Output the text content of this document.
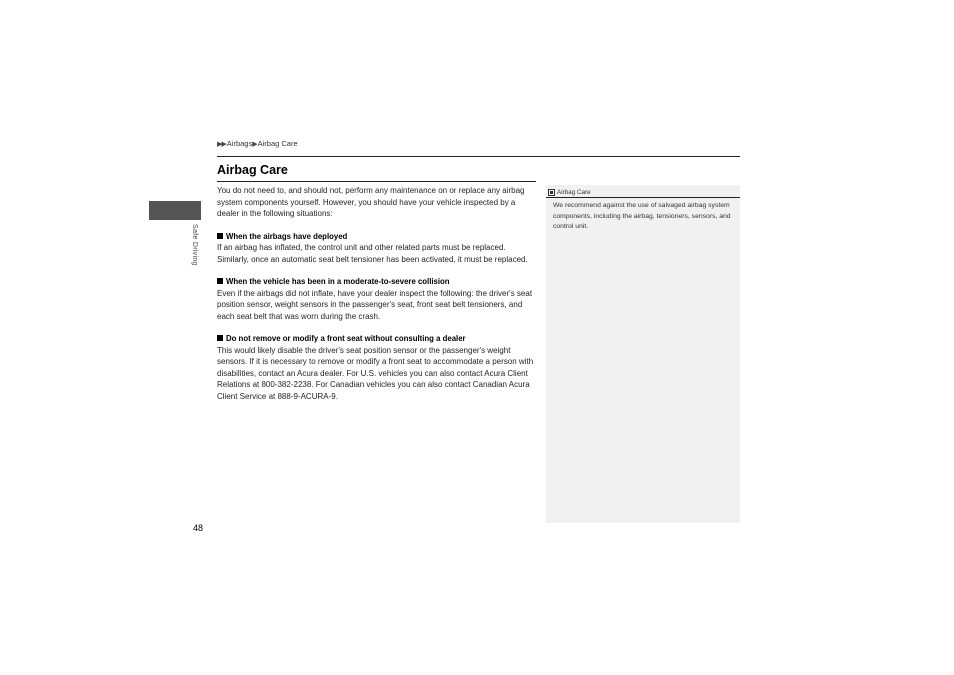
▶▶ Airbags ▶ Airbag Care
Airbag Care
Safe Driving

You do not need to, and should not, perform any maintenance on or replace any airbag system components yourself. However, you should have your vehicle inspected by a dealer in the following situations:

When the airbags have deployed

If an airbag has inflated, the control unit and other related parts must be replaced. Similarly, once an automatic seat belt tensioner has been activated, it must be replaced.

When the vehicle has been in a moderate-to-severe collision

Even if the airbags did not inflate, have your dealer inspect the following: the driver's seat position sensor, weight sensors in the passenger's seat, front seat belt tensioners, and each seat belt that was worn during the crash.

Do not remove or modify a front seat without consulting a dealer

This would likely disable the driver's seat position sensor or the passenger's weight sensors. If it is necessary to remove or modify a front seat to accommodate a person with disabilities, contact an Acura dealer. For U.S. vehicles you can also contact Acura Client Relations at 800-382-2238. For Canadian vehicles you can also contact Canadian Acura Client Service at 888-9-ACURA-9.

Airbag Care
We recommend against the use of salvaged airbag system components, including the airbag, tensioners, sensors, and control unit.
48
